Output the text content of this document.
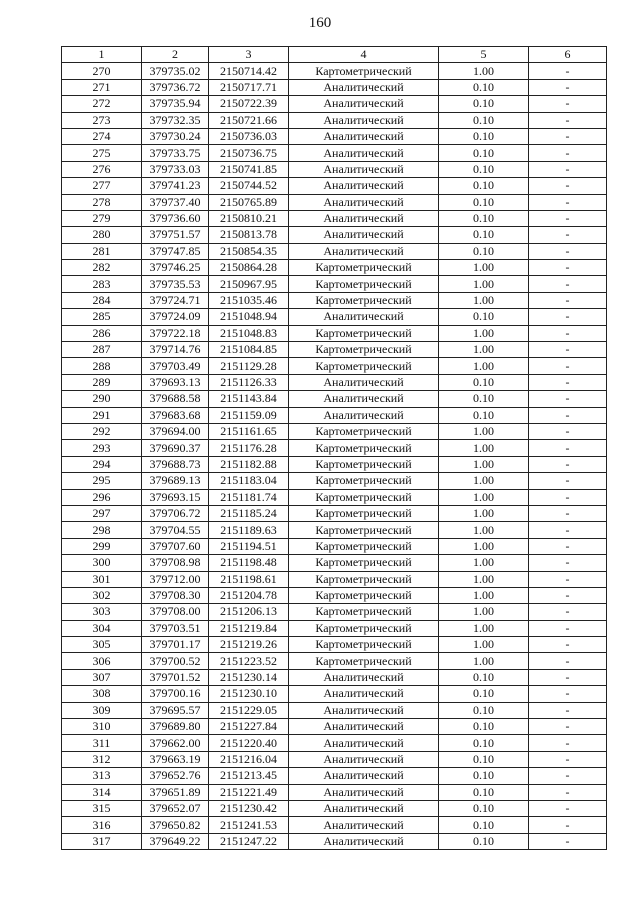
160
1	2	3	4	5	6
270	379735.02	2150714.42	Картометрический	1.00	-
271	379736.72	2150717.71	Аналитический	0.10	-
272	379735.94	2150722.39	Аналитический	0.10	-
273	379732.35	2150721.66	Аналитический	0.10	-
274	379730.24	2150736.03	Аналитический	0.10	-
275	379733.75	2150736.75	Аналитический	0.10	-
276	379733.03	2150741.85	Аналитический	0.10	-
277	379741.23	2150744.52	Аналитический	0.10	-
278	379737.40	2150765.89	Аналитический	0.10	-
279	379736.60	2150810.21	Аналитический	0.10	-
280	379751.57	2150813.78	Аналитический	0.10	-
281	379747.85	2150854.35	Аналитический	0.10	-
282	379746.25	2150864.28	Картометрический	1.00	-
283	379735.53	2150967.95	Картометрический	1.00	-
284	379724.71	2151035.46	Картометрический	1.00	-
285	379724.09	2151048.94	Аналитический	0.10	-
286	379722.18	2151048.83	Картометрический	1.00	-
287	379714.76	2151084.85	Картометрический	1.00	-
288	379703.49	2151129.28	Картометрический	1.00	-
289	379693.13	2151126.33	Аналитический	0.10	-
290	379688.58	2151143.84	Аналитический	0.10	-
291	379683.68	2151159.09	Аналитический	0.10	-
292	379694.00	2151161.65	Картометрический	1.00	-
293	379690.37	2151176.28	Картометрический	1.00	-
294	379688.73	2151182.88	Картометрический	1.00	-
295	379689.13	2151183.04	Картометрический	1.00	-
296	379693.15	2151181.74	Картометрический	1.00	-
297	379706.72	2151185.24	Картометрический	1.00	-
298	379704.55	2151189.63	Картометрический	1.00	-
299	379707.60	2151194.51	Картометрический	1.00	-
300	379708.98	2151198.48	Картометрический	1.00	-
301	379712.00	2151198.61	Картометрический	1.00	-
302	379708.30	2151204.78	Картометрический	1.00	-
303	379708.00	2151206.13	Картометрический	1.00	-
304	379703.51	2151219.84	Картометрический	1.00	-
305	379701.17	2151219.26	Картометрический	1.00	-
306	379700.52	2151223.52	Картометрический	1.00	-
307	379701.52	2151230.14	Аналитический	0.10	-
308	379700.16	2151230.10	Аналитический	0.10	-
309	379695.57	2151229.05	Аналитический	0.10	-
310	379689.80	2151227.84	Аналитический	0.10	-
311	379662.00	2151220.40	Аналитический	0.10	-
312	379663.19	2151216.04	Аналитический	0.10	-
313	379652.76	2151213.45	Аналитический	0.10	-
314	379651.89	2151221.49	Аналитический	0.10	-
315	379652.07	2151230.42	Аналитический	0.10	-
316	379650.82	2151241.53	Аналитический	0.10	-
317	379649.22	2151247.22	Аналитический	0.10	-
